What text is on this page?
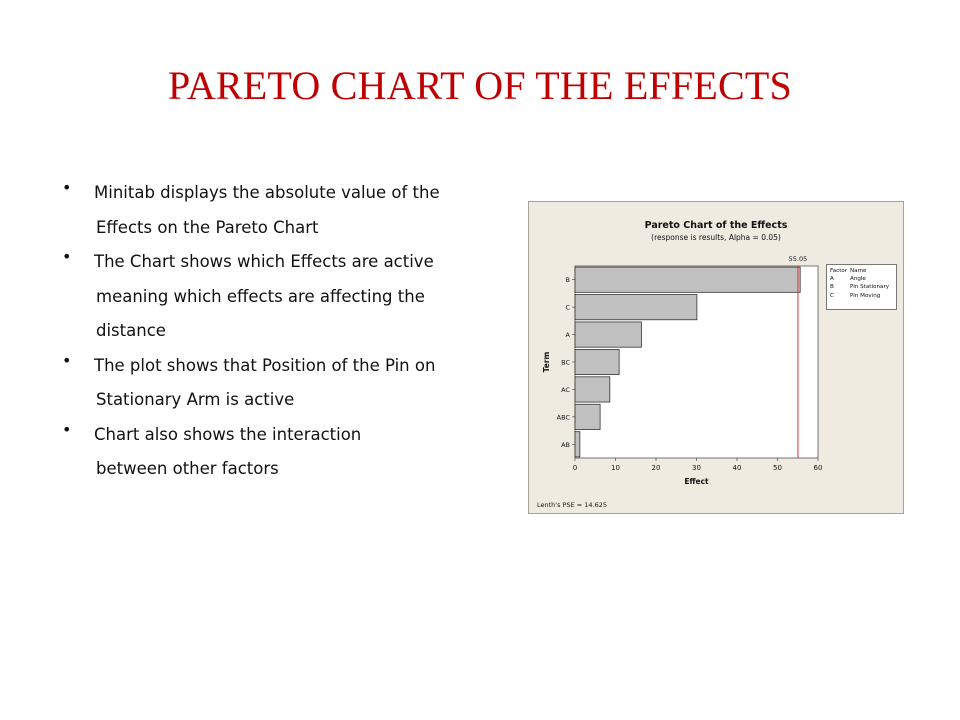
PARETO CHART OF THE EFFECTS
• Minitab displays the absolute value of the
Effects on the Pareto Chart
• The Chart shows which Effects are active
meaning which effects are affecting the
distance
• The plot shows that Position of the Pin on
Stationary Arm is active
• Chart also shows the interaction
between other factors
Pareto Chart of the Effects
(response is results, Alpha = 0.05)
Lenth's PSE = 14.625
B
C
A
BC
AC
ABC
AB
55.05
0	10	20	30	40	50	60
Effect
Term
Factor Name
A	Angle
B	Pin Stationary
C	Pin Moving
